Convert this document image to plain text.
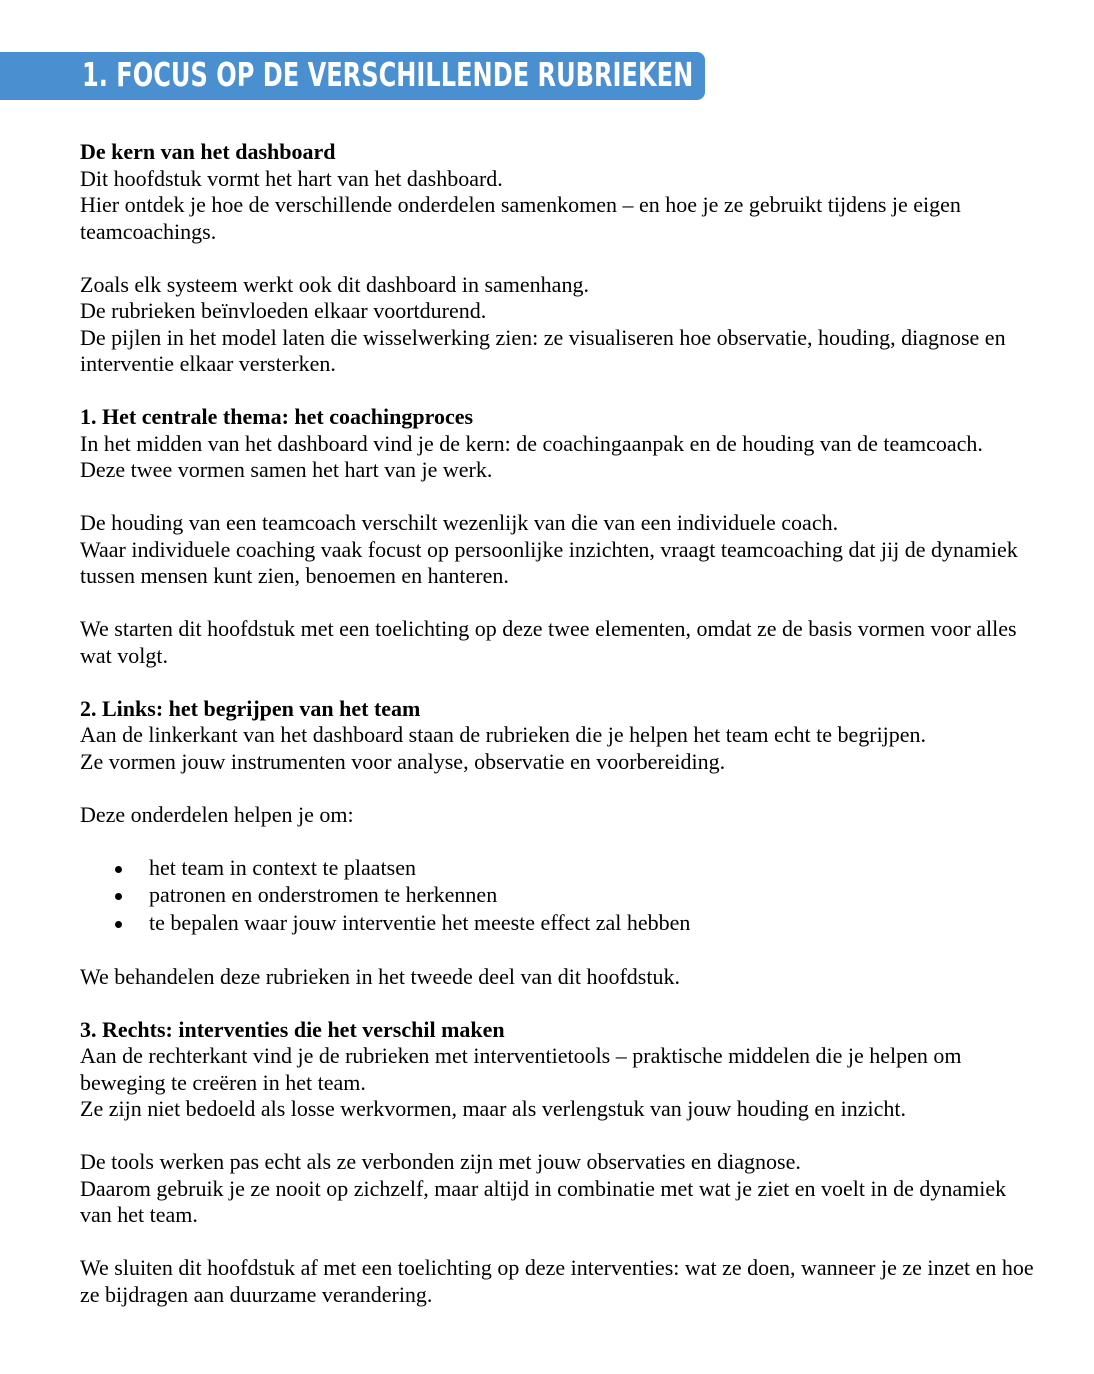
1. FOCUS OP DE VERSCHILLENDE RUBRIEKEN
De kern van het dashboard
Dit hoofdstuk vormt het hart van het dashboard.
Hier ontdek je hoe de verschillende onderdelen samenkomen – en hoe je ze gebruikt tijdens je eigen teamcoachings.
Zoals elk systeem werkt ook dit dashboard in samenhang.
De rubrieken beïnvloeden elkaar voortdurend.
De pijlen in het model laten die wisselwerking zien: ze visualiseren hoe observatie, houding, diagnose en interventie elkaar versterken.
1. Het centrale thema: het coachingproces
In het midden van het dashboard vind je de kern: de coachingaanpak en de houding van de teamcoach.
Deze twee vormen samen het hart van je werk.
De houding van een teamcoach verschilt wezenlijk van die van een individuele coach.
Waar individuele coaching vaak focust op persoonlijke inzichten, vraagt teamcoaching dat jij de dynamiek tussen mensen kunt zien, benoemen en hanteren.
We starten dit hoofdstuk met een toelichting op deze twee elementen, omdat ze de basis vormen voor alles wat volgt.
2. Links: het begrijpen van het team
Aan de linkerkant van het dashboard staan de rubrieken die je helpen het team echt te begrijpen.
Ze vormen jouw instrumenten voor analyse, observatie en voorbereiding.
Deze onderdelen helpen je om:
het team in context te plaatsen
patronen en onderstromen te herkennen
te bepalen waar jouw interventie het meeste effect zal hebben
We behandelen deze rubrieken in het tweede deel van dit hoofdstuk.
3. Rechts: interventies die het verschil maken
Aan de rechterkant vind je de rubrieken met interventietools – praktische middelen die je helpen om beweging te creëren in het team.
Ze zijn niet bedoeld als losse werkvormen, maar als verlengstuk van jouw houding en inzicht.
De tools werken pas echt als ze verbonden zijn met jouw observaties en diagnose.
Daarom gebruik je ze nooit op zichzelf, maar altijd in combinatie met wat je ziet en voelt in de dynamiek van het team.
We sluiten dit hoofdstuk af met een toelichting op deze interventies: wat ze doen, wanneer je ze inzet en hoe ze bijdragen aan duurzame verandering.
